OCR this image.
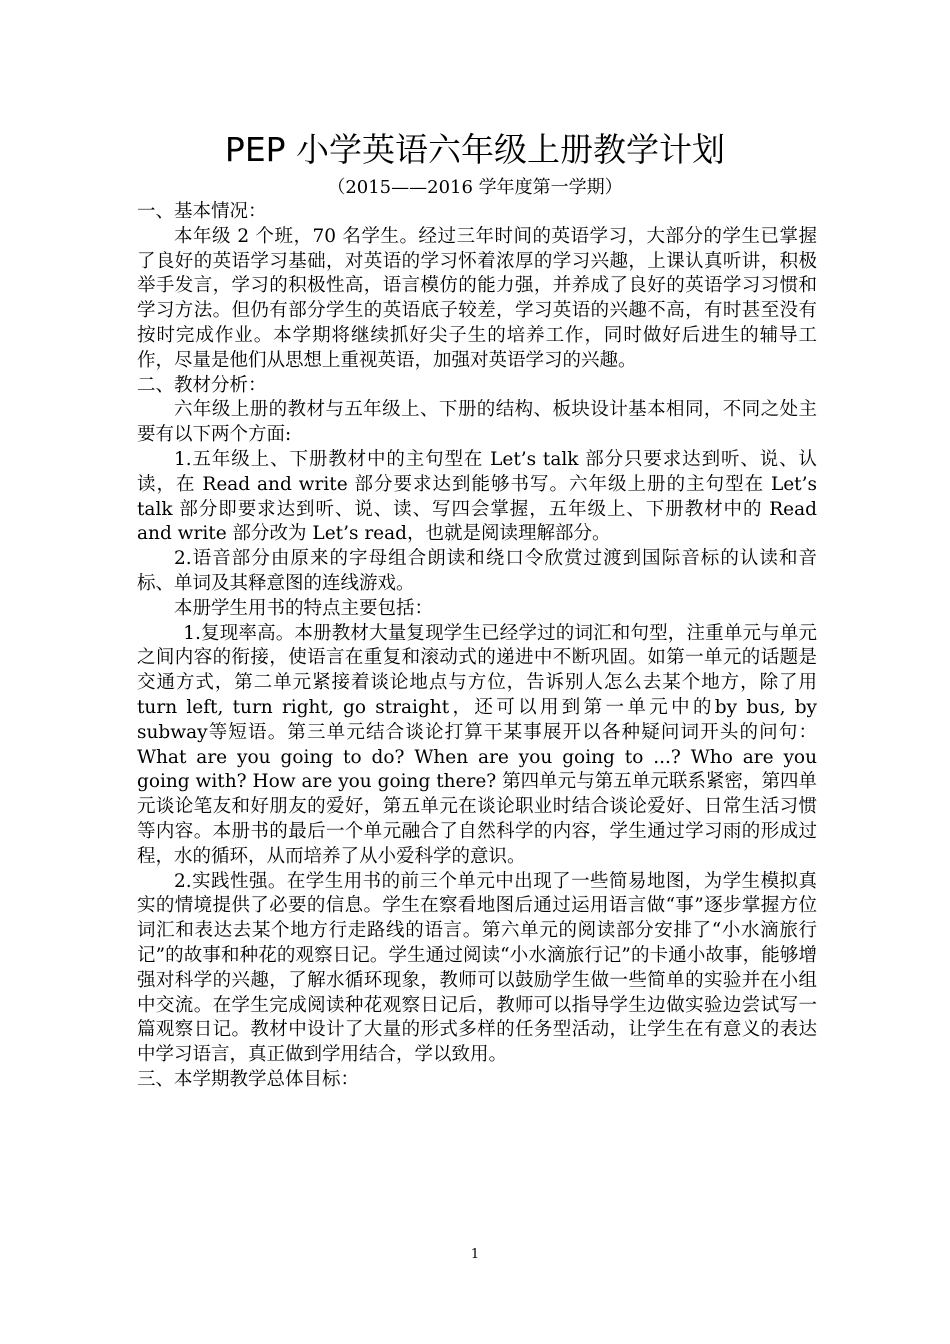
PEP 小学英语六年级上册教学计划
（2015——2016 学年度第一学期）

一、基本情况：

本年级 2 个班，70 名学生。经过三年时间的英语学习，大部分的学生已掌握了良好的英语学习基础，对英语的学习怀着浓厚的学习兴趣，上课认真听讲，积极举手发言，学习的积极性高，语言模仿的能力强，并养成了良好的英语学习习惯和学习方法。但仍有部分学生的英语底子较差，学习英语的兴趣不高，有时甚至没有按时完成作业。本学期将继续抓好尖子生的培养工作，同时做好后进生的辅导工作，尽量是他们从思想上重视英语，加强对英语学习的兴趣。

二、教材分析：

六年级上册的教材与五年级上、下册的结构、板块设计基本相同，不同之处主要有以下两个方面:

1.五年级上、下册教材中的主句型在 Let’s talk 部分只要求达到听、说、认读，在 Read and write 部分要求达到能够书写。六年级上册的主句型在 Let’s talk 部分即要求达到听、说、读、写四会掌握，五年级上、下册教材中的 Read and write 部分改为 Let’s read，也就是阅读理解部分。

2.语音部分由原来的字母组合朗读和绕口令欣赏过渡到国际音标的认读和音标、单词及其释意图的连线游戏。

本册学生用书的特点主要包括：

1.复现率高。本册教材大量复现学生已经学过的词汇和句型，注重单元与单元之间内容的衔接，使语言在重复和滚动式的递进中不断巩固。如第一单元的话题是交通方式，第二单元紧接着谈论地点与方位，告诉别人怎么去某个地方，除了用 turn left, turn right, go straight，还可以用到第一单元中的by bus, by subway等短语。第三单元结合谈论打算干某事展开以各种疑问词开头的问句：What are you going to do? When are you going to ...? Who are you going with? How are you going there? 第四单元与第五单元联系紧密，第四单元谈论笔友和好朋友的爱好，第五单元在谈论职业时结合谈论爱好、日常生活习惯等内容。本册书的最后一个单元融合了自然科学的内容，学生通过学习雨的形成过程，水的循环，从而培养了从小爱科学的意识。

2.实践性强。在学生用书的前三个单元中出现了一些简易地图，为学生模拟真实的情境提供了必要的信息。学生在察看地图后通过运用语言做“事”逐步掌握方位词汇和表达去某个地方行走路线的语言。第六单元的阅读部分安排了“小水滴旅行记”的故事和种花的观察日记。学生通过阅读“小水滴旅行记”的卡通小故事，能够增强对科学的兴趣，了解水循环现象，教师可以鼓励学生做一些简单的实验并在小组中交流。在学生完成阅读种花观察日记后，教师可以指导学生边做实验边尝试写一篇观察日记。教材中设计了大量的形式多样的任务型活动，让学生在有意义的表达中学习语言，真正做到学用结合，学以致用。

三、本学期教学总体目标：

1
